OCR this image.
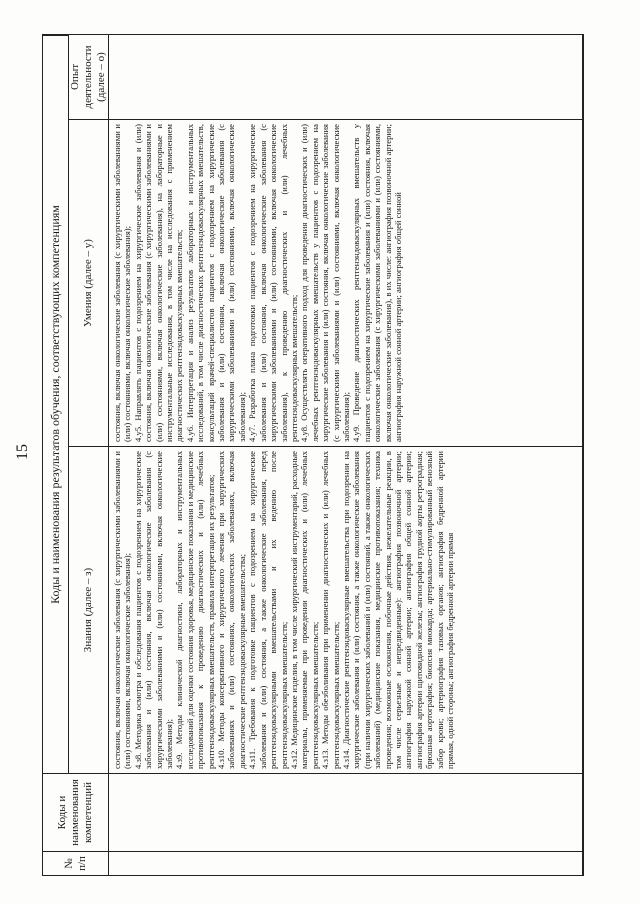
15
№ п/п
Коды и наименования компетенций
Коды и наименования результатов обучения, соответствующих компетенциям
Знания (далее – з)
Умения (далее – у)
Опыт деятельности (далее – о)

состояния, включая онкологические заболевания (с хирургическими заболеваниями и (или) состояниями, включая онкологические заболевания); 4.з8. Методика осмотра и обследования пациентов с подозрением на хирургические заболевания и (или) состояния, включая онкологические заболевания (с хирургическими заболеваниями и (или) состояниями, включая онкологические заболевания); 4.з9. Методы клинической диагностики, лабораторных и инструментальных исследований для оценки состояния здоровья, медицинские показания и медицинские противопоказания к проведению диагностических и (или) лечебных рентгенэндоваскулярных вмешательств, правила интерпретации их результатов; 4.з10. Методы консервативного и хирургического лечения при хирургических заболеваниях и (или) состояниях, онкологических заболеваниях, включая диагностические рентгенэндоваскулярные вмешательства; 4.з11. Требования к подготовке пациентов с подозрением на хирургические заболевания и (или) состояния, а также онкологические заболевания, перед рентгенэндоваскулярными вмешательствами и их ведению после рентгенэндоваскулярных вмешательств; 4.з12. Медицинские изделия, в том числе хирургический инструментарий, расходные материалы, применяемые при проведении диагностических и (или) лечебных рентгенэндоваскулярных вмешательств; 4.з13. Методы обезболивания при применении диагностических и (или) лечебных рентгенэндоваскулярных вмешательств; 4.з14. Диагностические рентгенэндоваскулярные вмешательства при подозрении на хирургические заболевания и (или) состояния, а также онкологические заболевания (при наличии хирургических заболеваний и (или) состояний, а также онкологических заболеваний) (медицинские показания, медицинские противопоказания; техника проведения; возможные осложнения, побочные действия, нежелательные реакции, в том числе серьезные и непредвиденные): ангиография позвоночной артерии; ангиография наружной сонной артерии; ангиография общей сонной артерии; ангиография артерии щитовидной железы; ангиография грудной аорты ретроградная; брюшная аортография; биопсия миокарда; артериально-стимулированный венозный забор крови; артериография тазовых органов; ангиография бедренной артерии прямая, одной стороны; ангиография бедренной артерии прямая

состояния, включая онкологические заболевания (с хирургическими заболеваниями и (или) состояниями, включая онкологические заболевания); 4.у5. Направлять пациентов с подозрением на хирургические заболевания и (или) состояния, включая онкологические заболевания (с хирургическими заболеваниями и (или) состояниями, включая онкологические заболевания), на лабораторные и инструментальные исследования, в том числе на исследования с применением диагностических рентгенэндоваскулярных вмешательств; 4.у6. Интерпретация и анализ результатов лабораторных и инструментальных исследований, в том числе диагностических рентгенэндоваскулярных вмешательств, консультаций врачей-специалистов пациентов с подозрением на хирургические заболевания и (или) состояния, включая онкологические заболевания (с хирургическими заболеваниями и (или) состояниями, включая онкологические заболевания); 4.у7. Разработка плана подготовки пациентов с подозрением на хирургические заболевания и (или) состояния, включая онкологические заболевания (с хирургическими заболеваниями и (или) состояниями, включая онкологические заболевания), к проведению диагностических и (или) лечебных рентгенэндоваскулярных вмешательств; 4.у8. Осуществлять оперативного подход для проведения диагностических и (или) лечебных рентгенэндоваскулярных вмешательств у пациентов с подозрением на хирургические заболевания и (или) состояния, включая онкологические заболевания (с хирургическими заболеваниями и (или) состояниями, включая онкологические заболевания); 4.у9. Проведение диагностических рентгенэндоваскулярных вмешательств у пациентов с подозрением на хирургические заболевания и (или) состояния, включая онкологические заболевания (с хирургическими заболеваниями и (или) состояниями, включая онкологические заболевания), в их числе: ангиография позвоночной артерии; ангиография наружной сонной артерии; ангиография общей сонной
